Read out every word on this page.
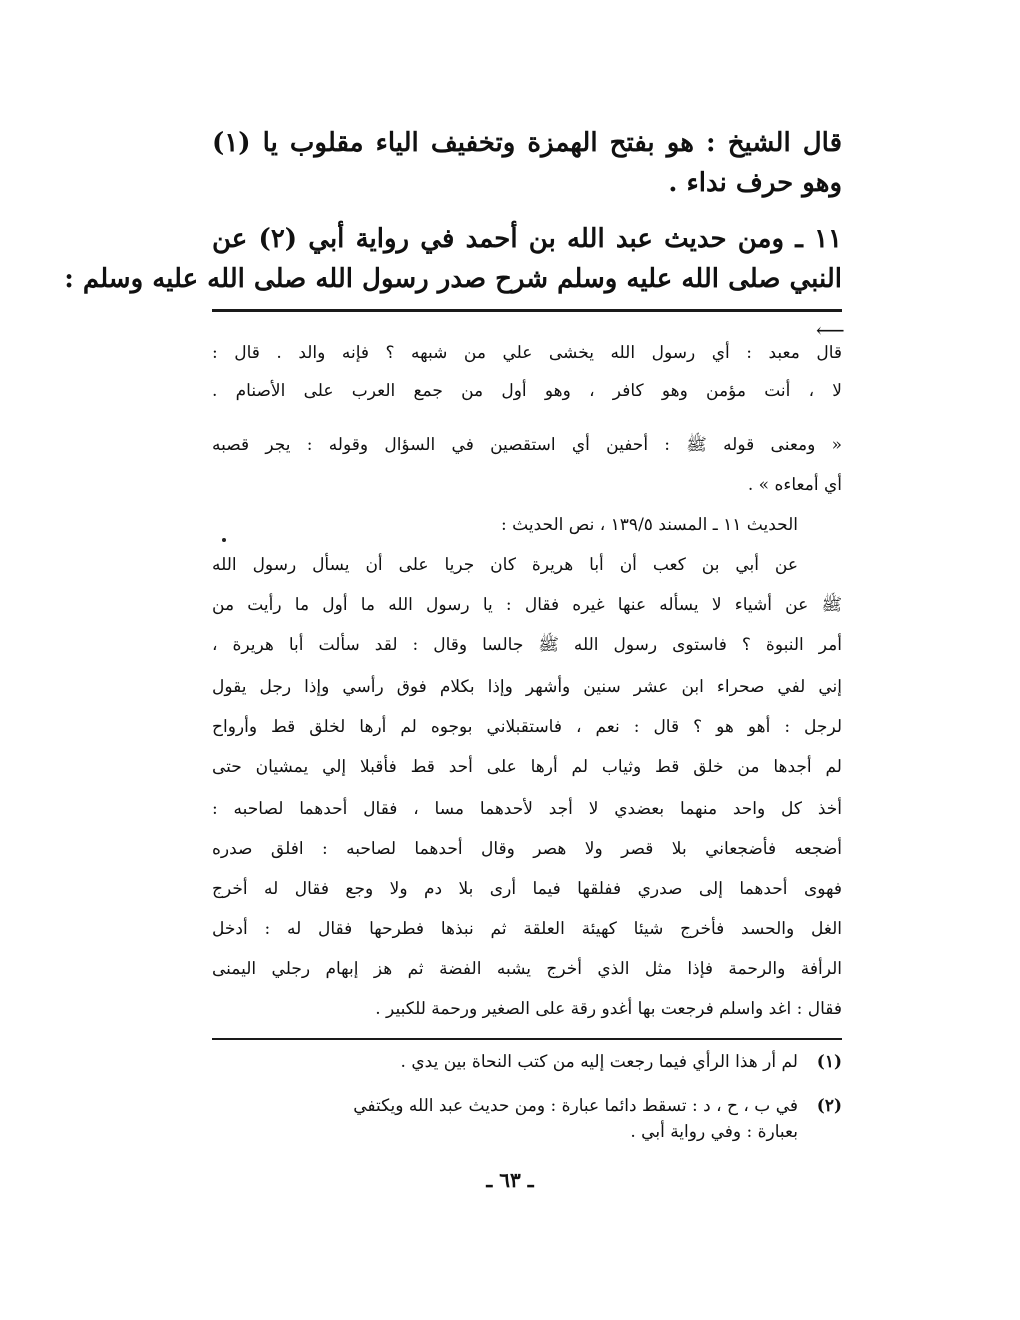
قال الشيخ : هو بفتح الهمزة وتخفيف الياء مقلوب يا (١)
وهو حرف نداء .
١١ ـ ومن حديث عبد الله بن أحمد في رواية أبي (٢) عن
النبي صلى الله عليه وسلم شرح صدر رسول الله صلى الله عليه وسلم :
⟵
قال معبد : أي رسول الله يخشى علي من شبهه ؟ فإنه والد . قال :
لا ، أنت مؤمن وهو كافر ، وهو أول من جمع العرب على الأصنام .
« ومعنى قوله ﷺ : أحفين أي استقصين في السؤال وقوله : يجر قصبه
أي أمعاءه » .
الحديث ١١ ـ المسند ١٣٩/٥ ، نص الحديث :
عن أبي بن كعب أن أبا هريرة كان جريا على أن يسأل رسول الله
ﷺ عن أشياء لا يسأله عنها غيره فقال : يا رسول الله ما أول ما رأيت من
أمر النبوة ؟ فاستوى رسول الله ﷺ جالسا وقال : لقد سألت أبا هريرة ،
إني لفي صحراء ابن عشر سنين وأشهر وإذا بكلام فوق رأسي وإذا رجل يقول
لرجل : أهو هو ؟ قال : نعم ، فاستقبلاني بوجوه لم أرها لخلق قط وأرواح
لم أجدها من خلق قط وثياب لم أرها على أحد قط فأقبلا إلي يمشيان حتى
أخذ كل واحد منهما بعضدي لا أجد لأحدهما مسا ، فقال أحدهما لصاحبه :
أضجعه فأضجعاني بلا قصر ولا هصر وقال أحدهما لصاحبه : افلق صدره
فهوى أحدهما إلى صدري ففلقها فيما أرى بلا دم ولا وجع فقال له أخرج
الغل والحسد فأخرج شيئا كهيئة العلقة ثم نبذها فطرحها فقال له : أدخل
الرأفة والرحمة فإذا مثل الذي أخرج يشبه الفضة ثم هز إبهام رجلي اليمنى
فقال : اغد واسلم فرجعت بها أغدو رقة على الصغير ورحمة للكبير .
(١)
لم أر هذا الرأي فيما رجعت إليه من كتب النحاة بين يدي .
(٢)
في ب ، ح ، د : تسقط دائما عبارة : ومن حديث عبد الله ويكتفي
بعبارة : وفي رواية أبي .
ـ ٦٣ ـ
